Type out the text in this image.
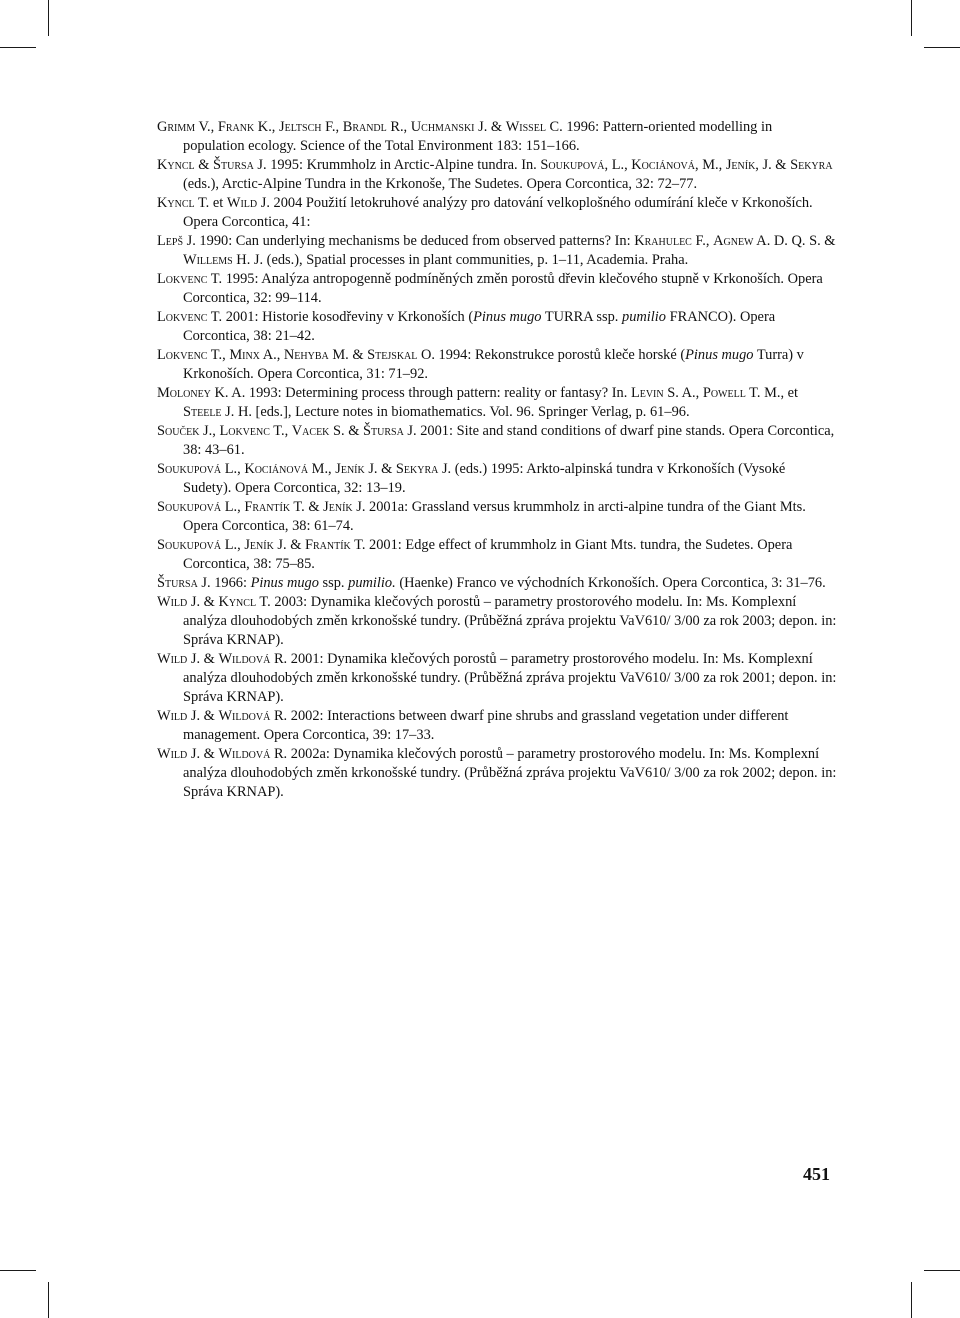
Grimm V., Frank K., Jeltsch F., Brandl R., Uchmanski J. & Wissel C. 1996: Pattern-oriented modelling in population ecology. Science of the Total Environment 183: 151–166.

Kyncl & Štursa J. 1995: Krummholz in Arctic-Alpine tundra. In. Soukupová, L., Kociánová, M., Jeník, J. & Sekyra (eds.), Arctic-Alpine Tundra in the Krkonoše, The Sudetes. Opera Corcontica, 32: 72–77.

Kyncl T. et Wild J. 2004 Použití letokruhové analýzy pro datování velkoplošného odumírání kleče v Krkonoších. Opera Corcontica, 41:

Lepš J. 1990: Can underlying mechanisms be deduced from observed patterns? In: Krahulec F., Agnew A. D. Q. S. & Willems H. J. (eds.), Spatial processes in plant communities, p. 1–11, Academia. Praha.

Lokvenc T. 1995: Analýza antropogenně podmíněných změn porostů dřevin klečového stupně v Krkonoších. Opera Corcontica, 32: 99–114.

Lokvenc T. 2001: Historie kosodřeviny v Krkonoších (Pinus mugo TURRA ssp. pumilio FRANCO). Opera Corcontica, 38: 21–42.

Lokvenc T., Minx A., Nehyba M. & Stejskal O. 1994: Rekonstrukce porostů kleče horské (Pinus mugo Turra) v Krkonoších. Opera Corcontica, 31: 71–92.

Moloney K. A. 1993: Determining process through pattern: reality or fantasy? In. Levin S. A., Powell T. M., et Steele J. H. [eds.], Lecture notes in biomathematics. Vol. 96. Springer Verlag, p. 61–96.

Souček J., Lokvenc T., Vacek S. & Štursa J. 2001: Site and stand conditions of dwarf pine stands. Opera Corcontica, 38: 43–61.

Soukupová L., Kociánová M., Jeník J. & Sekyra J. (eds.) 1995: Arkto-alpinská tundra v Krkonoších (Vysoké Sudety). Opera Corcontica, 32: 13–19.

Soukupová L., Frantík T. & Jeník J. 2001a: Grassland versus krummholz in arcti-alpine tundra of the Giant Mts. Opera Corcontica, 38: 61–74.

Soukupová L., Jeník J. & Frantík T. 2001: Edge effect of krummholz in Giant Mts. tundra, the Sudetes. Opera Corcontica, 38: 75–85.

Štursa J. 1966: Pinus mugo ssp. pumilio. (Haenke) Franco ve východních Krkonoších. Opera Corcontica, 3: 31–76.

Wild J. & Kyncl T. 2003: Dynamika klečových porostů – parametry prostorového modelu. In: Ms. Komplexní analýza dlouhodobých změn krkonošské tundry. (Průběžná zpráva projektu VaV610/ 3/00 za rok 2003; depon. in: Správa KRNAP).

Wild J. & Wildová R. 2001: Dynamika klečových porostů – parametry prostorového modelu. In: Ms. Komplexní analýza dlouhodobých změn krkonošské tundry. (Průběžná zpráva projektu VaV610/ 3/00 za rok 2001; depon. in: Správa KRNAP).

Wild J. & Wildová R. 2002: Interactions between dwarf pine shrubs and grassland vegetation under different management. Opera Corcontica, 39: 17–33.

Wild J. & Wildová R. 2002a: Dynamika klečových porostů – parametry prostorového modelu. In: Ms. Komplexní analýza dlouhodobých změn krkonošské tundry. (Průběžná zpráva projektu VaV610/ 3/00 za rok 2002; depon. in: Správa KRNAP).

451
